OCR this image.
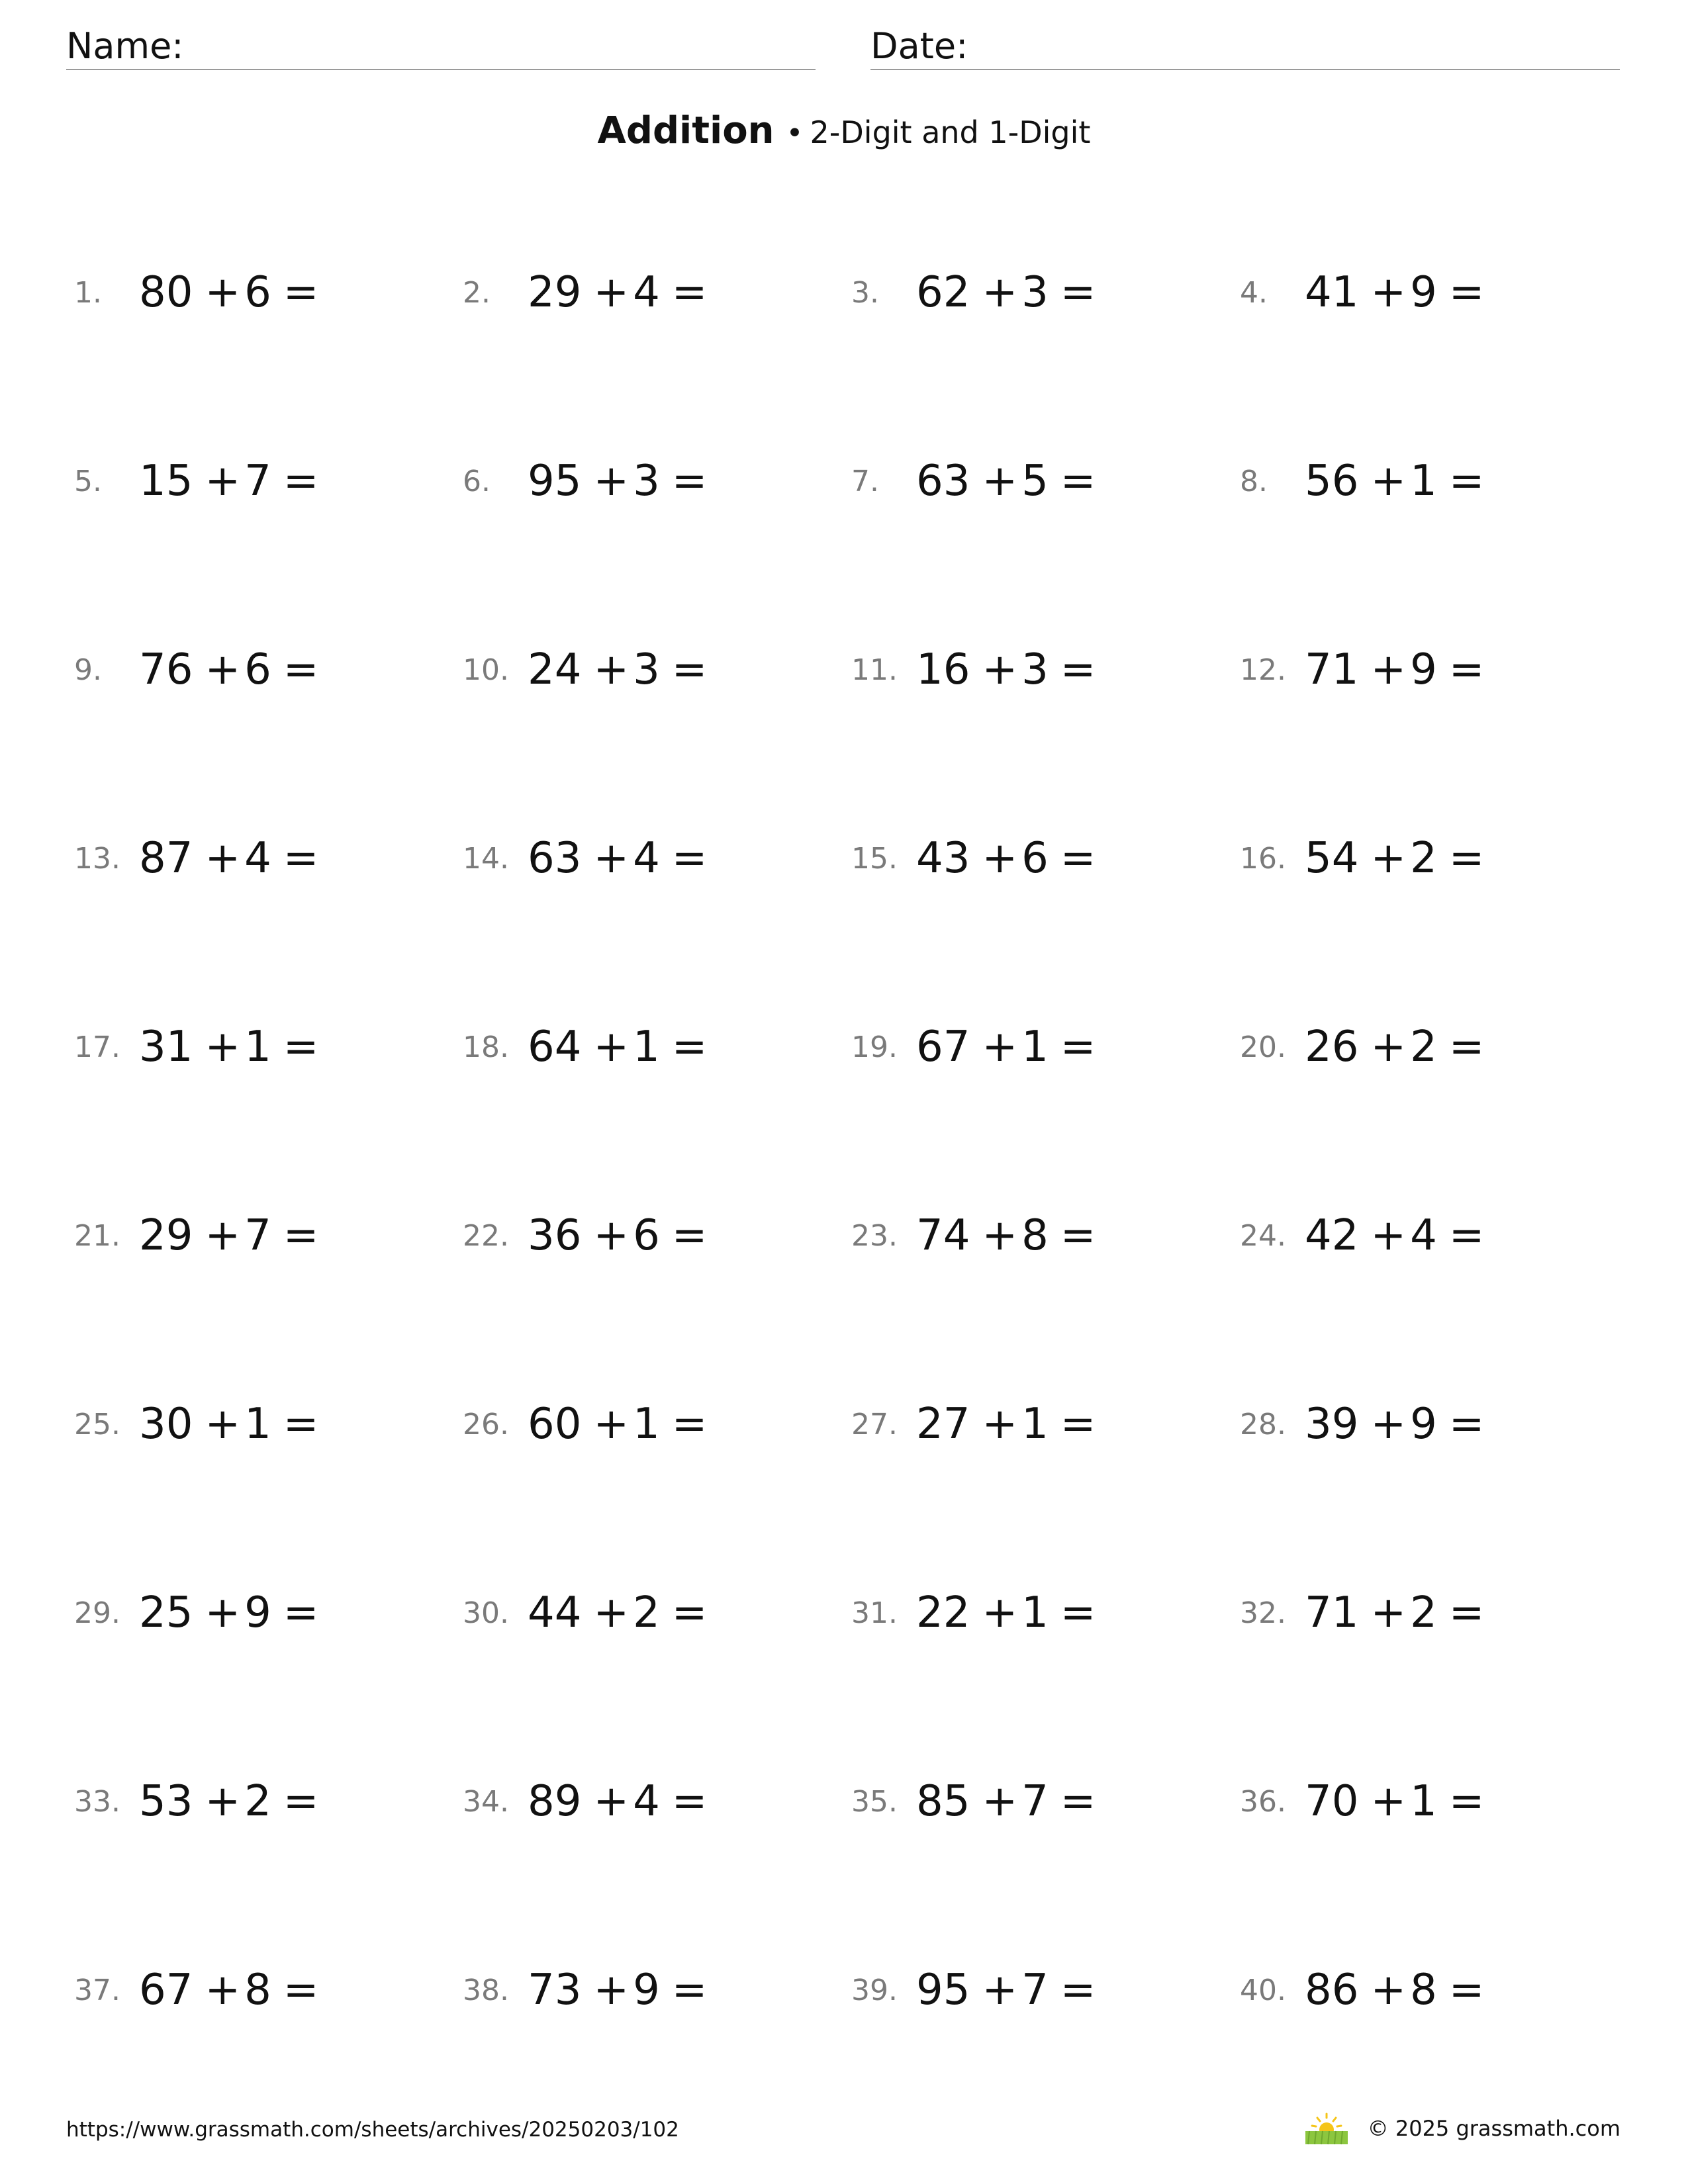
Name:	Date:
Addition • 2-Digit and 1-Digit
1. 80 +6 =	2. 29 +4 =	3. 62 +3 =	4. 41 +9 =
5. 15 +7 =	6. 95 +3 =	7. 63 +5 =	8. 56 +1 =
9. 76 +6 =	10. 24 +3 =	11. 16 +3 =	12. 71 +9 =
13. 87 +4 =	14. 63 +4 =	15. 43 +6 =	16. 54 +2 =
17. 31 +1 =	18. 64 +1 =	19. 67 +1 =	20. 26 +2 =
21. 29 +7 =	22. 36 +6 =	23. 74 +8 =	24. 42 +4 =
25. 30 +1 =	26. 60 +1 =	27. 27 +1 =	28. 39 +9 =
29. 25 +9 =	30. 44 +2 =	31. 22 +1 =	32. 71 +2 =
33. 53 +2 =	34. 89 +4 =	35. 85 +7 =	36. 70 +1 =
37. 67 +8 =	38. 73 +9 =	39. 95 +7 =	40. 86 +8 =
https://www.grassmath.com/sheets/archives/20250203/102	© 2025 grassmath.com
